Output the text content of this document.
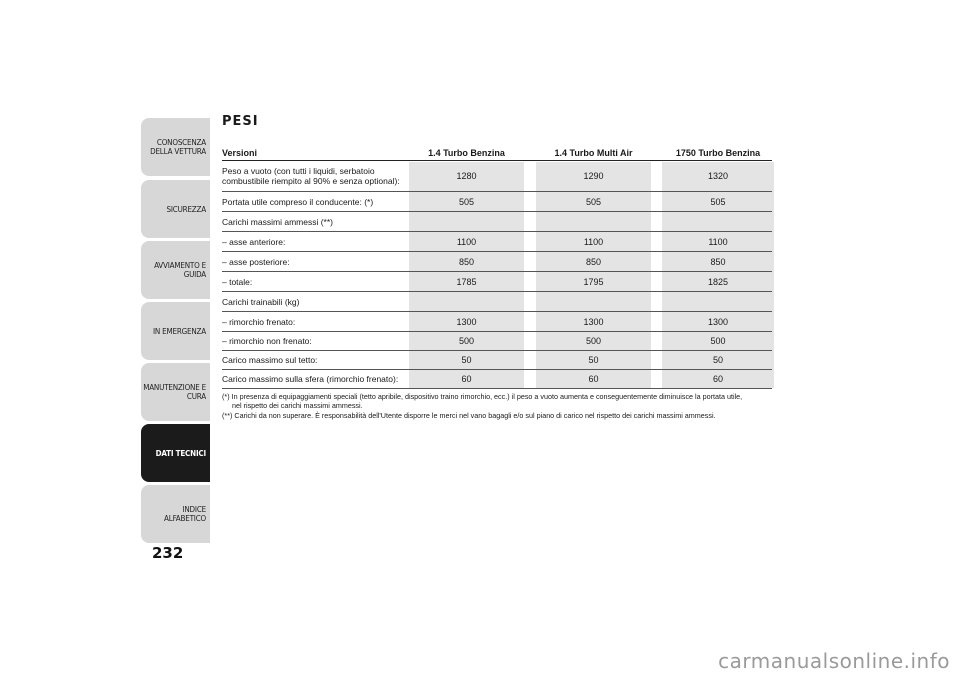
CONOSCENZA
DELLA VETTURA
SICUREZZA
AVVIAMENTO E
GUIDA
IN EMERGENZA
MANUTENZIONE E
CURA
DATI TECNICI
INDICE ALFABETICO
232
PESI
Versioni	1.4 Turbo Benzina	1.4 Turbo Multi Air	1750 Turbo Benzina
Peso a vuoto (con tutti i liquidi, serbatoio
combustibile riempito al 90% e senza optional):	1280	1290	1320
Portata utile compreso il conducente: (*)	505	505	505
Carichi massimi ammessi (**)
– asse anteriore:	1100	1100	1100
– asse posteriore:	850	850	850
– totale:	1785	1795	1825
Carichi trainabili (kg)
– rimorchio frenato:	1300	1300	1300
– rimorchio non frenato:	500	500	500
Carico massimo sul tetto:	50	50	50
Carico massimo sulla sfera (rimorchio frenato):	60	60	60

(*) In presenza di equipaggiamenti speciali (tetto apribile, dispositivo traino rimorchio, ecc.) il peso a vuoto aumenta e conseguentemente diminuisce la portata utile,
nel rispetto dei carichi massimi ammessi.

(**) Carichi da non superare. È responsabilità dell'Utente disporre le merci nel vano bagagli e/o sul piano di carico nel rispetto dei carichi massimi ammessi.

carmanualsonline.info
